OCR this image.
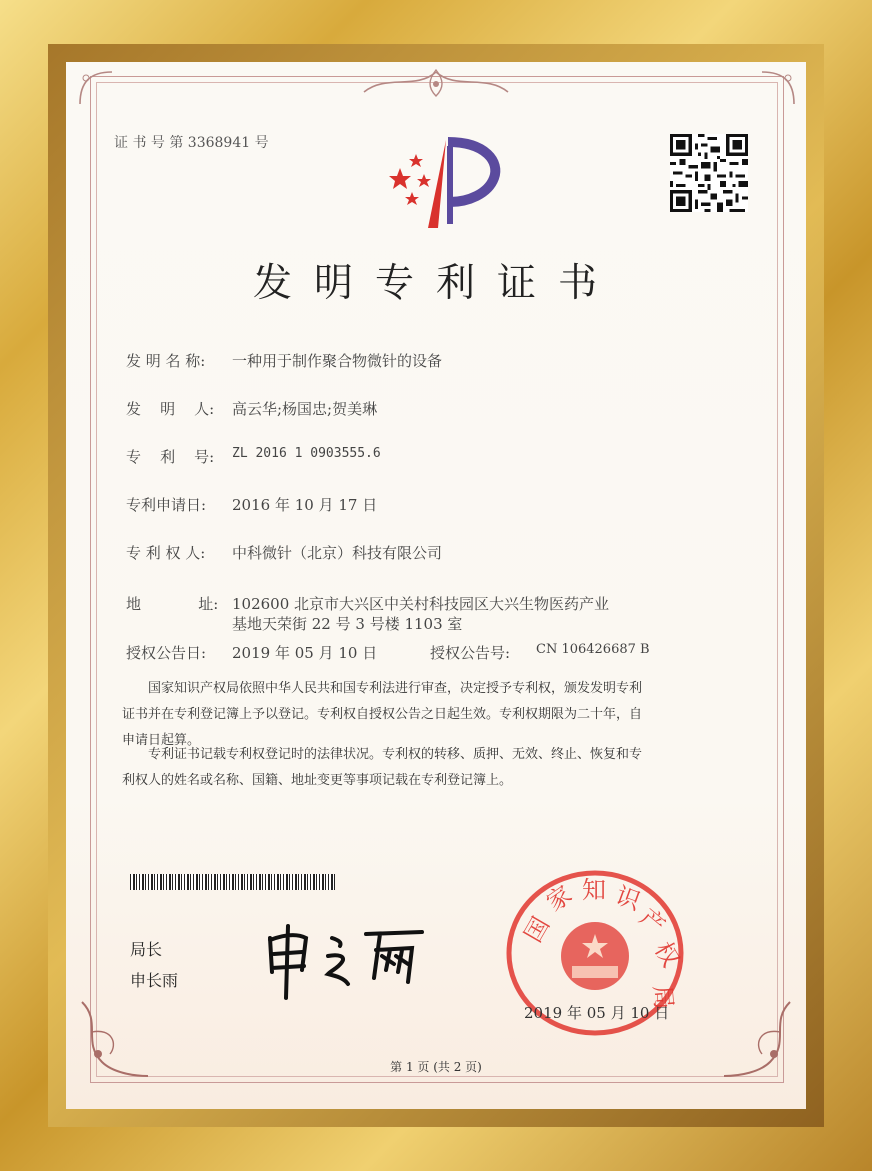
证 书 号 第 3368941 号
发明专利证书
发 明 名 称: 一种用于制作聚合物微针的设备
发    明    人: 高云华;杨国忠;贺美琳
专    利    号: ZL 2016 1 0903555.6
专利申请日: 2016 年 10 月 17 日
专 利 权 人: 中科微针（北京）科技有限公司
地            址: 102600 北京市大兴区中关村科技园区大兴生物医药产业
基地天荣街 22 号 3 号楼 1103 室
授权公告日: 2019 年 05 月 10 日	授权公告号: CN 106426687 B
国家知识产权局依照中华人民共和国专利法进行审查，决定授予专利权，颁发发明专利
证书并在专利登记簿上予以登记。专利权自授权公告之日起生效。专利权期限为二十年，自
申请日起算。
专利证书记载专利权登记时的法律状况。专利权的转移、质押、无效、终止、恢复和专
利权人的姓名或名称、国籍、地址变更等事项记载在专利登记簿上。
局长
申长雨
国
家 知 识
产
权
局
2019 年 05 月 10 日
第 1 页 (共 2 页)
